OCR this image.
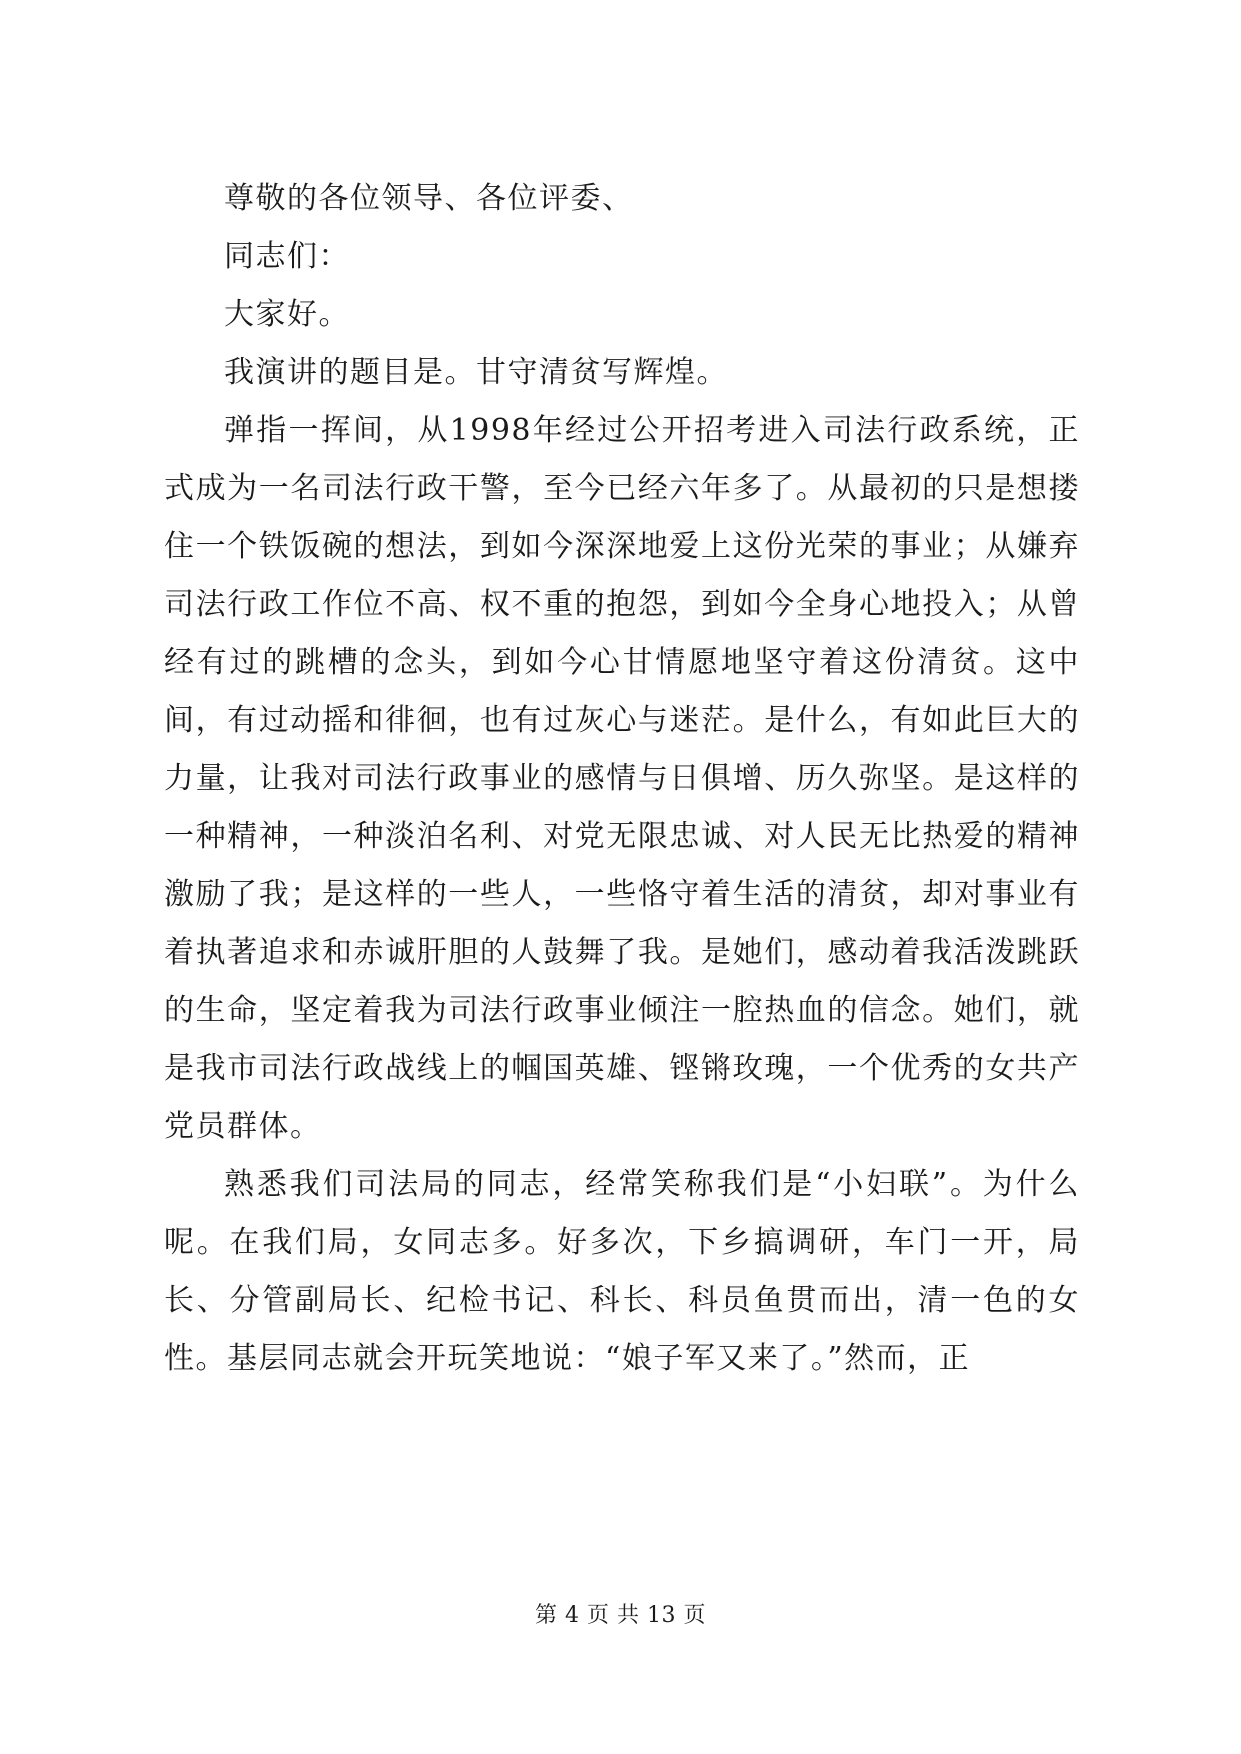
尊敬的各位领导、各位评委、

同志们：

大家好。

我演讲的题目是。甘守清贫写辉煌。

弹指一挥间，从1998年经过公开招考进入司法行政系统，正式成为一名司法行政干警，至今已经六年多了。从最初的只是想搂住一个铁饭碗的想法，到如今深深地爱上这份光荣的事业；从嫌弃司法行政工作位不高、权不重的抱怨，到如今全身心地投入；从曾经有过的跳槽的念头，到如今心甘情愿地坚守着这份清贫。这中间，有过动摇和徘徊，也有过灰心与迷茫。是什么，有如此巨大的力量，让我对司法行政事业的感情与日俱增、历久弥坚。是这样的一种精神，一种淡泊名利、对党无限忠诚、对人民无比热爱的精神激励了我；是这样的一些人，一些恪守着生活的清贫，却对事业有着执著追求和赤诚肝胆的人鼓舞了我。是她们，感动着我活泼跳跃的生命，坚定着我为司法行政事业倾注一腔热血的信念。她们，就是我市司法行政战线上的帼国英雄、铿锵玫瑰，一个优秀的女共产党员群体。

熟悉我们司法局的同志，经常笑称我们是“小妇联”。为什么呢。在我们局，女同志多。好多次，下乡搞调研，车门一开，局长、分管副局长、纪检书记、科长、科员鱼贯而出，清一色的女性。基层同志就会开玩笑地说：“娘子军又来了。”然而，正

第 4 页 共 13 页
